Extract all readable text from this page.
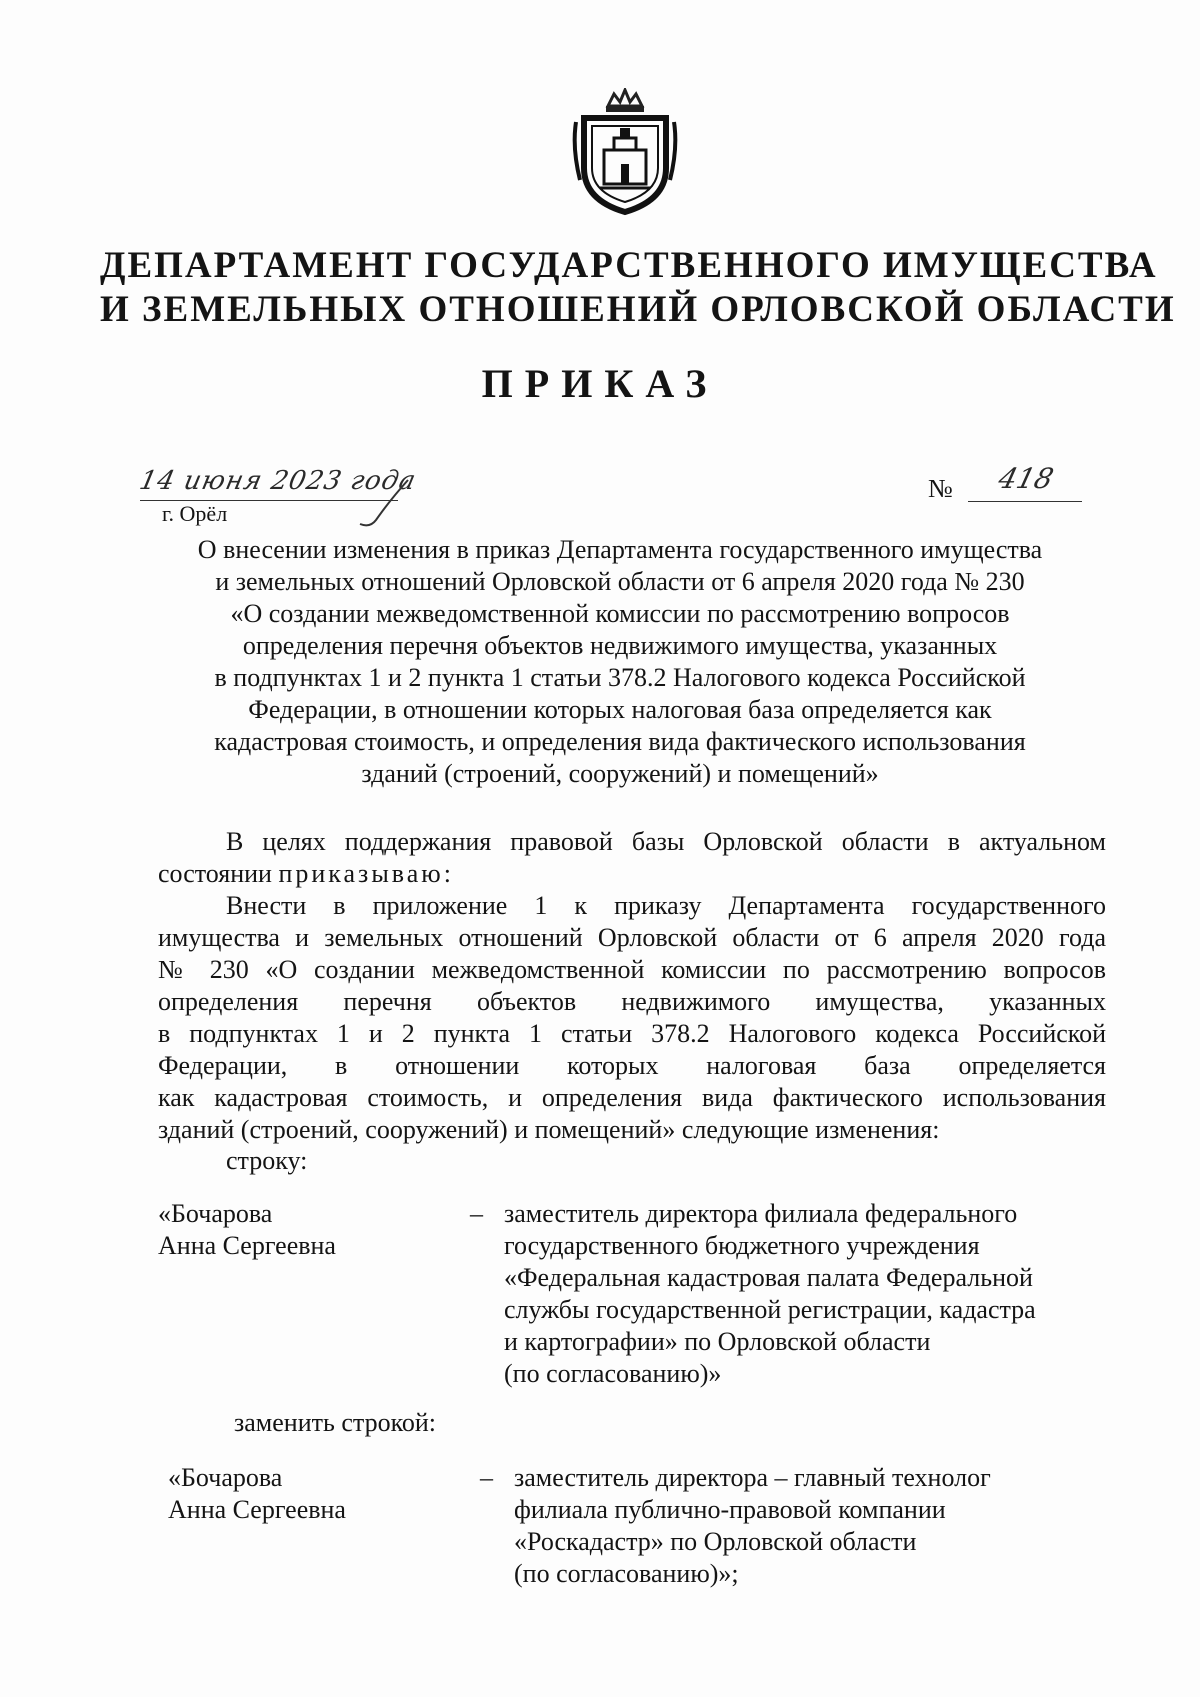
ДЕПАРТАМЕНТ ГОСУДАРСТВЕННОГО ИМУЩЕСТВА
И ЗЕМЕЛЬНЫХ ОТНОШЕНИЙ ОРЛОВСКОЙ ОБЛАСТИ
ПРИКАЗ
14 июня 2023 года
г. Орёл
№	418
О внесении изменения в приказ Департамента государственного имущества
и земельных отношений Орловской области от 6 апреля 2020 года № 230
«О создании межведомственной комиссии по рассмотрению вопросов
определения перечня объектов недвижимого имущества, указанных
в подпунктах 1 и 2 пункта 1 статьи 378.2 Налогового кодекса Российской
Федерации, в отношении которых налоговая база определяется как
кадастровая стоимость, и определения вида фактического использования
зданий (строений, сооружений) и помещений»
В целях поддержания правовой базы Орловской области в актуальном
состоянии приказываю:
Внести в приложение 1 к приказу Департамента государственного
имущества и земельных отношений Орловской области от 6 апреля 2020 года
№ 230 «О создании межведомственной комиссии по рассмотрению вопросов
определения перечня объектов недвижимого имущества, указанных
в подпунктах 1 и 2 пункта 1 статьи 378.2 Налогового кодекса Российской
Федерации, в отношении которых налоговая база определяется
как кадастровая стоимость, и определения вида фактического использования
зданий (строений, сооружений) и помещений» следующие изменения:
строку:
«Бочарова
Анна Сергеевна
– заместитель директора филиала федерального
государственного бюджетного учреждения
«Федеральная кадастровая палата Федеральной
службы государственной регистрации, кадастра
и картографии» по Орловской области
(по согласованию)»
заменить строкой:
«Бочарова
Анна Сергеевна
– заместитель директора – главный технолог
филиала публично-правовой компании
«Роскадастр» по Орловской области
(по согласованию)»;
